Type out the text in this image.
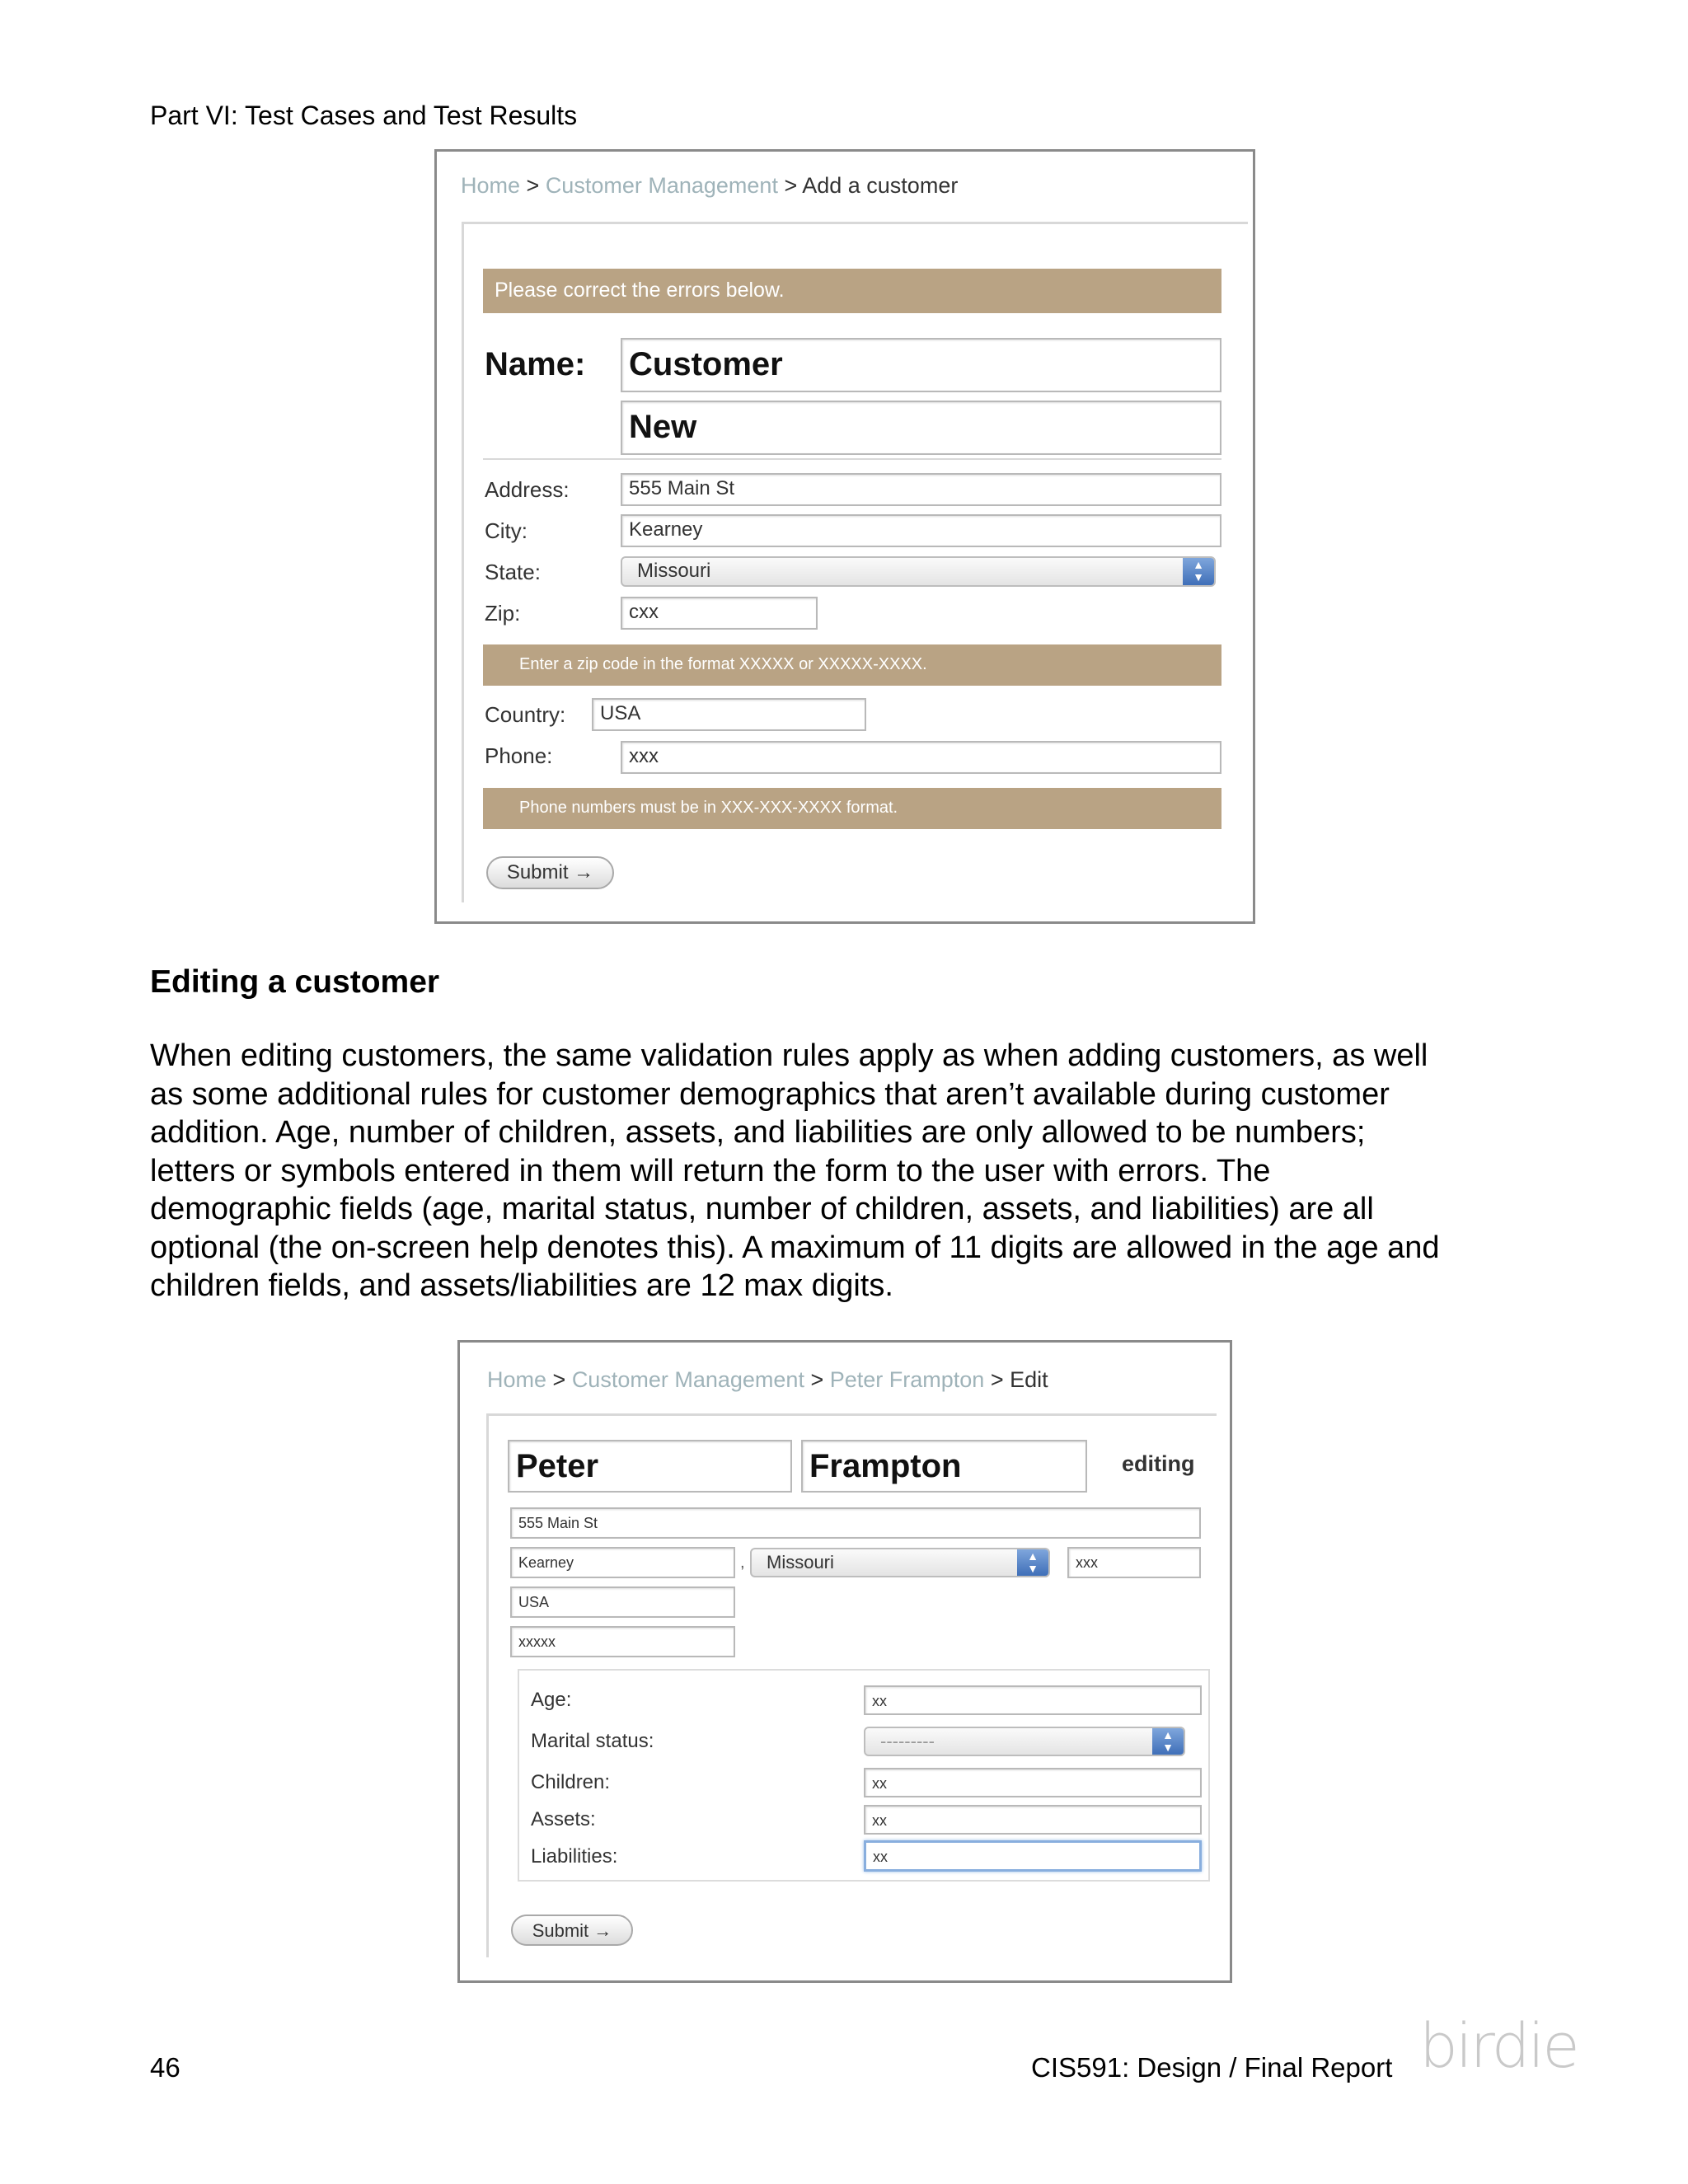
Part VI: Test Cases and Test Results
Home > Customer Management > Add a customer
Please correct the errors below.
Name: Customer
New
Address:	555 Main St
City:	Kearney
State:	Missouri	▲
▼
Zip:	cxx
Enter a zip code in the format XXXXX or XXXXX-XXXX.
Country:	USA
Phone:	xxx
Phone numbers must be in XXX-XXX-XXXX format.
Submit →
Editing a customer

When editing customers, the same validation rules apply as when adding customers, as well

as some additional rules for customer demographics that aren’t available during customer

addition. Age, number of children, assets, and liabilities are only allowed to be numbers;

letters or symbols entered in them will return the form to the user with errors. The

demographic fields (age, marital status, number of children, assets, and liabilities) are all

optional (the on-screen help denotes this). A maximum of 11 digits are allowed in the age and

children fields, and assets/liabilities are 12 max digits.

Home > Customer Management > Peter Frampton > Edit
Peter	Frampton	editing
555 Main St
Kearney	,	Missouri	▲
▼	xxx
USA
xxxxx
Age:	xx
Marital status:	---------	▲
▼
Children:	xx
Assets:	xx
Liabilities:	xx
Submit →
46	CIS591: Design / Final Report birdie
